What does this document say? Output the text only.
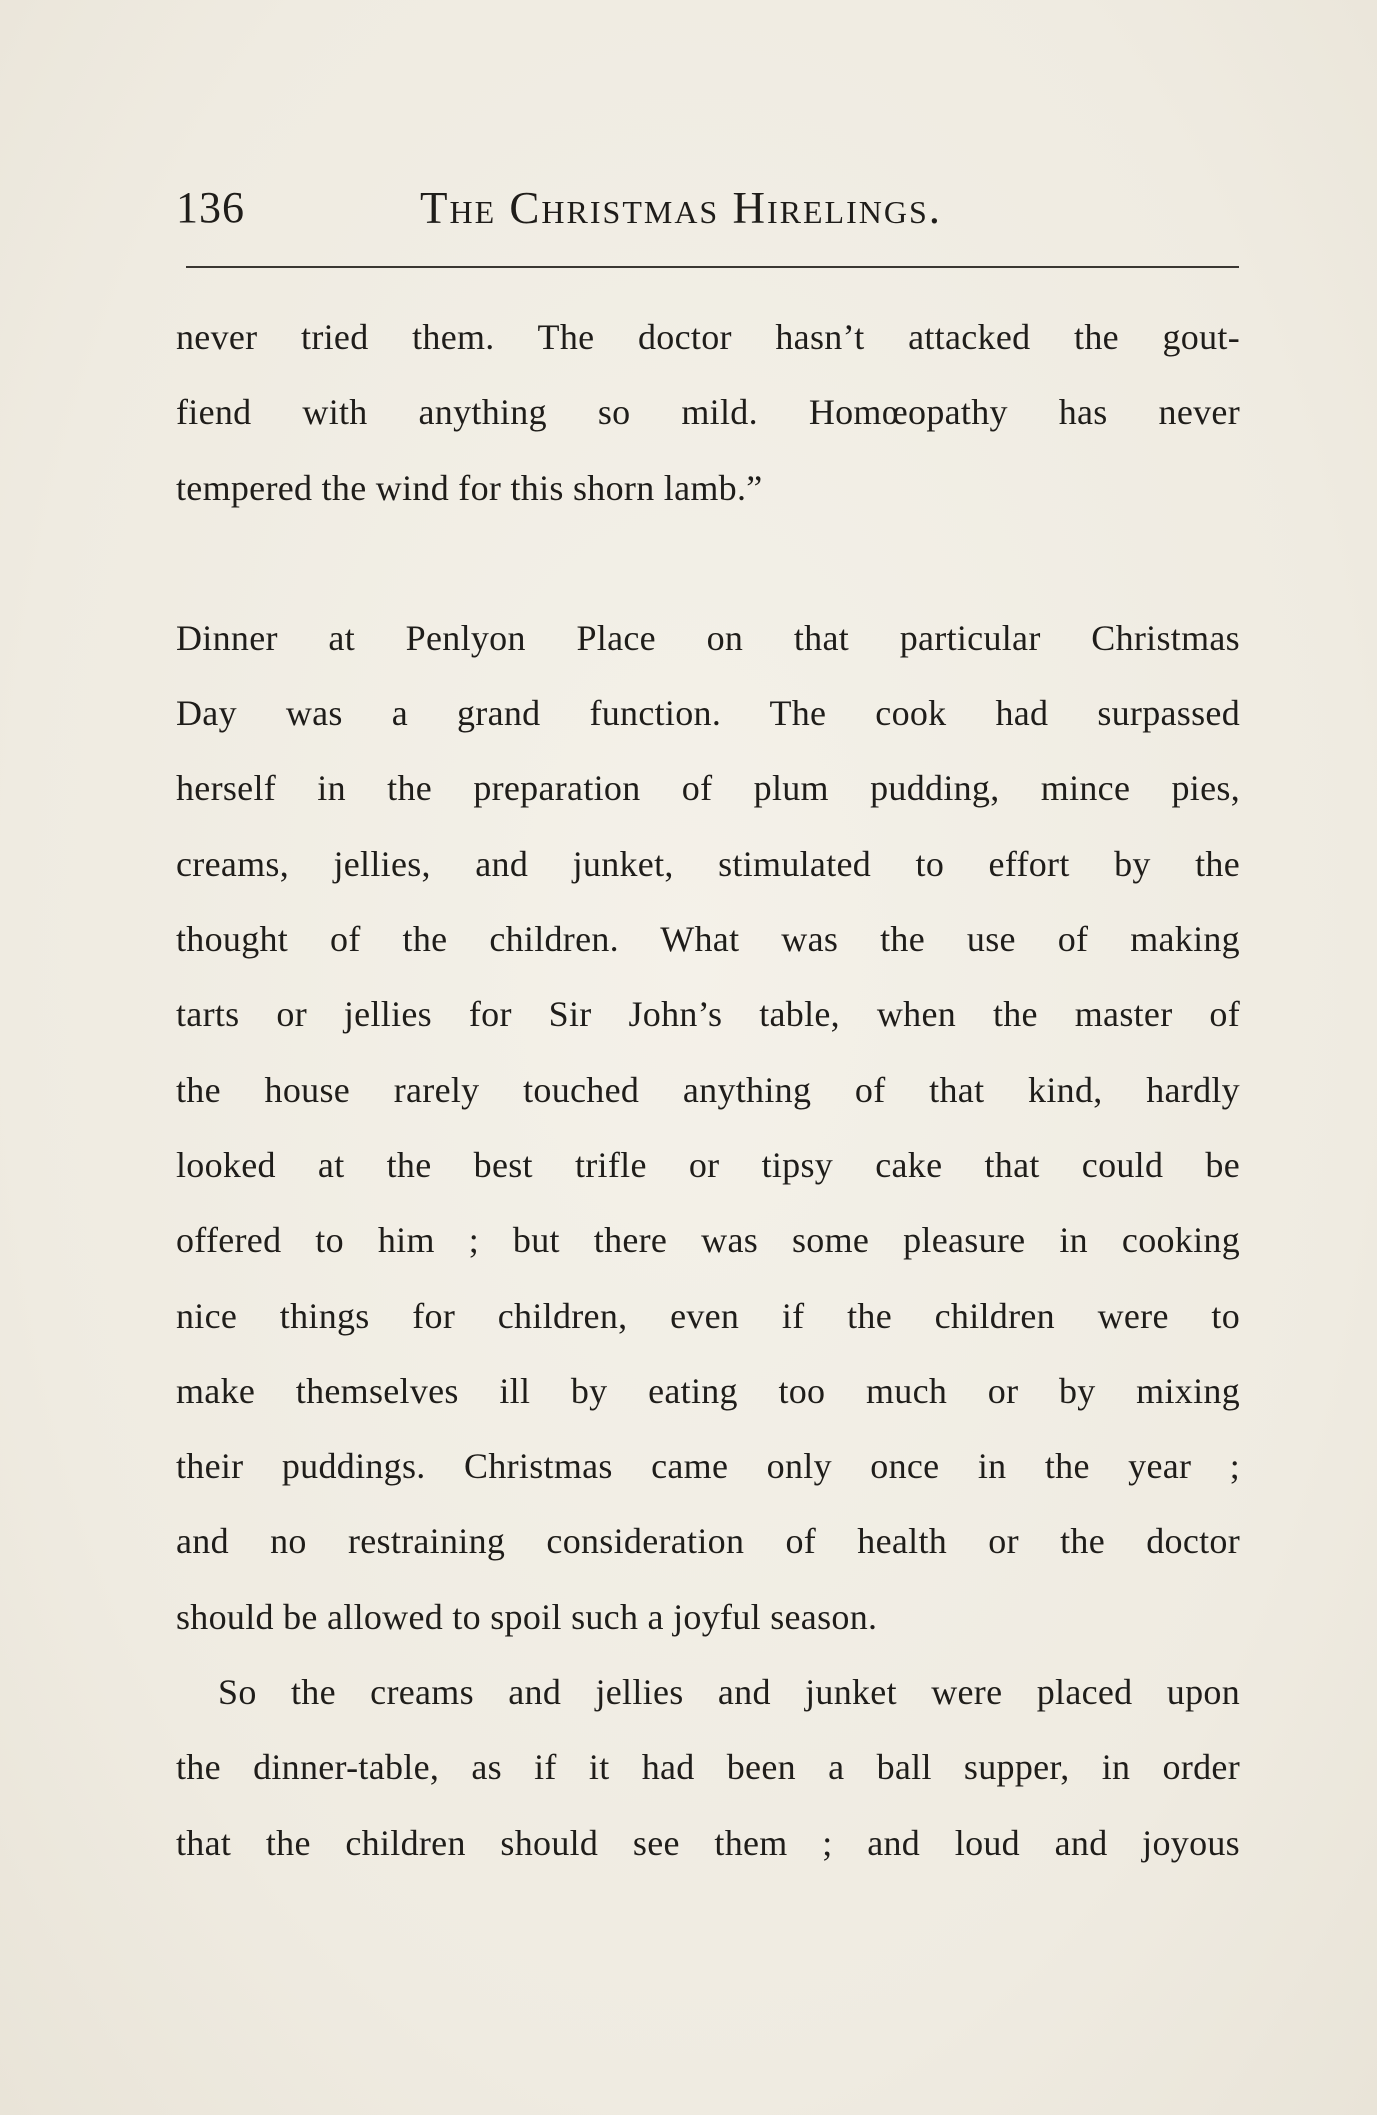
136	The Christmas Hirelings.
never tried them. The doctor hasn’t attacked the gout-
fiend with anything so mild. Homœopathy has never
tempered the wind for this shorn lamb.”
Dinner at Penlyon Place on that particular Christmas
Day was a grand function. The cook had surpassed
herself in the preparation of plum pudding, mince pies,
creams, jellies, and junket, stimulated to effort by the
thought of the children. What was the use of making
tarts or jellies for Sir John’s table, when the master of
the house rarely touched anything of that kind, hardly
looked at the best trifle or tipsy cake that could be
offered to him ; but there was some pleasure in cooking
nice things for children, even if the children were to
make themselves ill by eating too much or by mixing
their puddings. Christmas came only once in the year ;
and no restraining consideration of health or the doctor
should be allowed to spoil such a joyful season.
So the creams and jellies and junket were placed upon
the dinner-table, as if it had been a ball supper, in order
that the children should see them ; and loud and joyous
